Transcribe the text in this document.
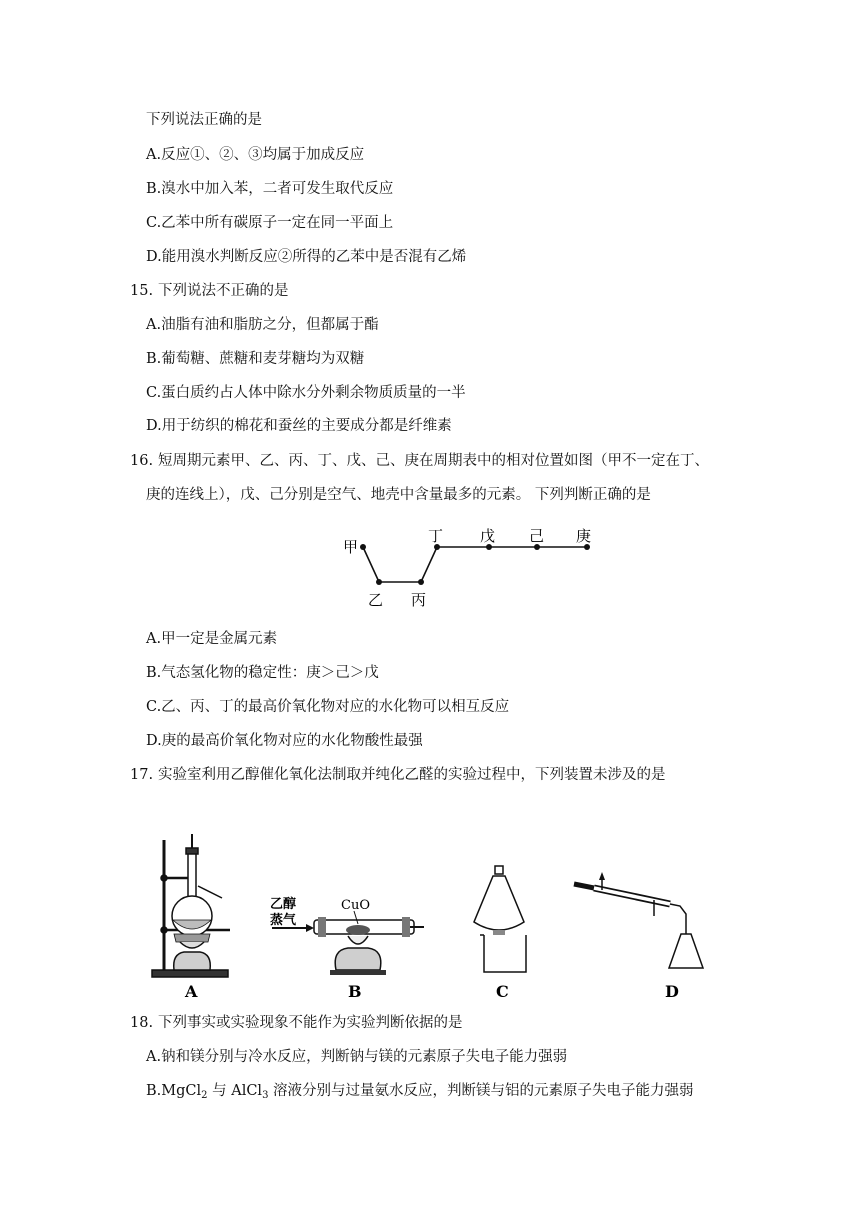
下列说法正确的是
A.反应①、②、③均属于加成反应
B.溴水中加入苯，二者可发生取代反应
C.乙苯中所有碳原子一定在同一平面上
D.能用溴水判断反应②所得的乙苯中是否混有乙烯
15. 下列说法不正确的是
A.油脂有油和脂肪之分，但都属于酯
B.葡萄糖、蔗糖和麦芽糖均为双糖
C.蛋白质约占人体中除水分外剩余物质质量的一半
D.用于纺织的棉花和蚕丝的主要成分都是纤维素
16. 短周期元素甲、乙、丙、丁、戊、己、庚在周期表中的相对位置如图（甲不一定在丁、
庚的连线上），戊、己分别是空气、地壳中含量最多的元素。 下列判断正确的是
甲
乙 丙
丁 戊 己 庚
A.甲一定是金属元素
B.气态氢化物的稳定性：庚＞己＞戊
C.乙、丙、丁的最高价氧化物对应的水化物可以相互反应
D.庚的最高价氧化物对应的水化物酸性最强
17. 实验室利用乙醇催化氧化法制取并纯化乙醛的实验过程中，下列装置未涉及的是
A
乙醇
蒸气
CuO
B	C	D
18. 下列事实或实验现象不能作为实验判断依据的是
A.钠和镁分别与冷水反应，判断钠与镁的元素原子失电子能力强弱
B.MgCl$_2$ 与 AlCl$_3$ 溶液分别与过量氨水反应，判断镁与铝的元素原子失电子能力强弱
